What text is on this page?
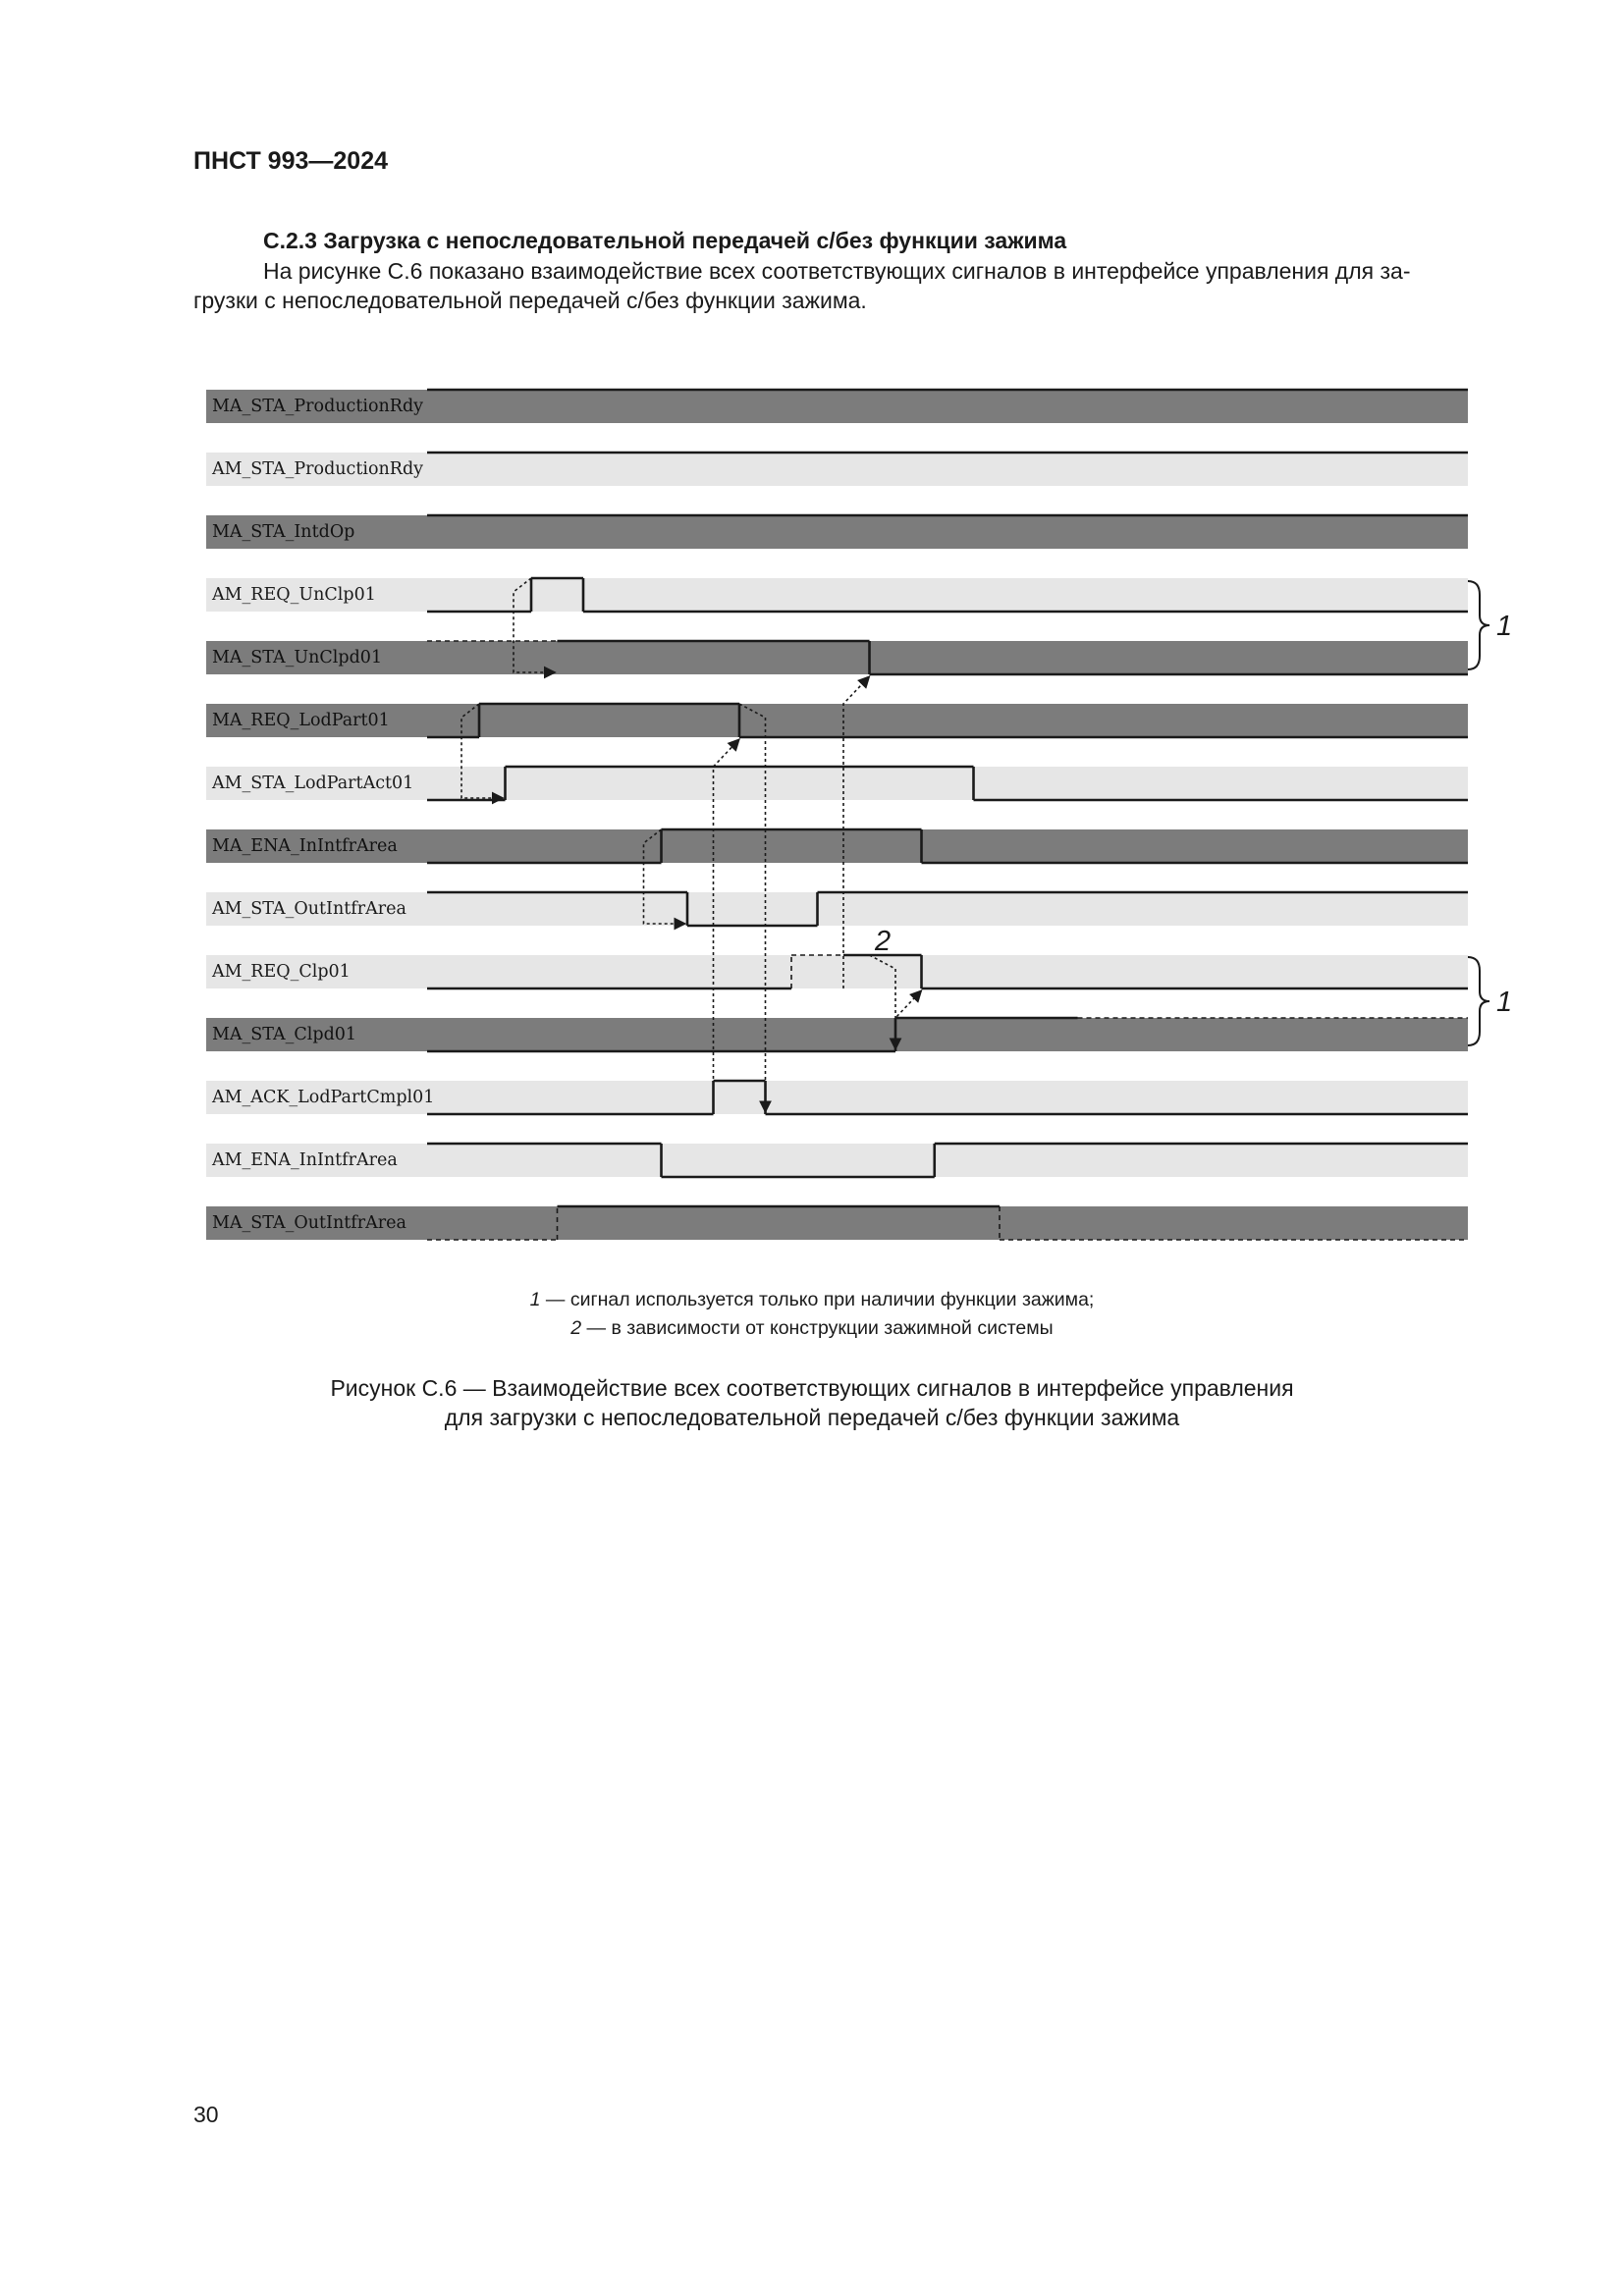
ПНСТ 993—2024

С.2.3 Загрузка с непоследовательной передачей с/без функции зажима

На рисунке С.6 показано взаимодействие всех соответствующих сигналов в интерфейсе управления для за-
грузки с непоследовательной передачей с/без функции зажима.

1
1
2
MA_STA_ProductionRdy
AM_STA_ProductionRdy
MA_STA_IntdOp
AM_REQ_UnClp01
MA_STA_UnClpd01
MA_REQ_LodPart01
AM_STA_LodPartAct01
MA_ENA_InIntfrArea
AM_STA_OutIntfrArea
AM_REQ_Clp01
MA_STA_Clpd01
AM_ACK_LodPartCmpl01
AM_ENA_InIntfrArea
MA_STA_OutIntfrArea

1 — сигнал используется только при наличии функции зажима;
2 — в зависимости от конструкции зажимной системы

Рисунок С.6 — Взаимодействие всех соответствующих сигналов в интерфейсе управления
для загрузки с непоследовательной передачей с/без функции зажима

30
